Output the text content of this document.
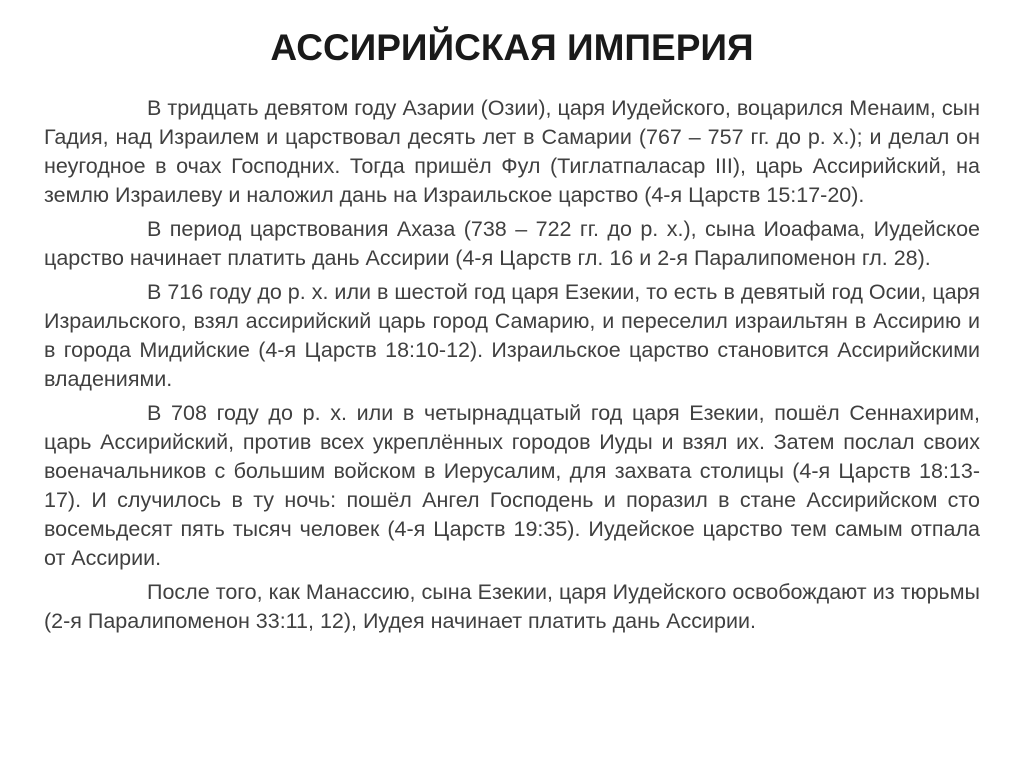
АССИРИЙСКАЯ ИМПЕРИЯ

В тридцать девятом году Азарии (Озии), царя Иудейского, воцарился Менаим, сын Гадия, над Израилем и царствовал десять лет в Самарии (767 – 757 гг. до р. х.); и делал он неугодное в очах Господних. Тогда пришёл Фул (Тиглатпаласар III), царь Ассирийский, на землю Израилеву и наложил дань на Израильское царство (4-я Царств 15:17-20).

В период царствования Ахаза (738 – 722 гг. до р. х.), сына Иоафама, Иудейское царство начинает платить дань Ассирии (4-я Царств гл. 16 и 2-я Паралипоменон гл. 28).

В 716 году до р. х. или в шестой год царя Езекии, то есть в девятый год Осии, царя Израильского, взял ассирийский царь город Самарию, и переселил израильтян в Ассирию и в города Мидийские (4-я Царств 18:10-12). Израильское царство становится Ассирийскими владениями.

В 708 году до р. х. или в четырнадцатый год царя Езекии, пошёл Сеннахирим, царь Ассирийский, против всех укреплённых городов Иуды и взял их. Затем послал своих военачальников с большим войском в Иерусалим, для захвата столицы (4-я Царств 18:13-17). И случилось в ту ночь: пошёл Ангел Господень и поразил в стане Ассирийском сто восемьдесят пять тысяч человек (4-я Царств 19:35). Иудейское царство тем самым отпала от Ассирии.

После того, как Манассию, сына Езекии, царя Иудейского освобождают из тюрьмы (2-я Паралипоменон 33:11, 12), Иудея начинает платить дань Ассирии.
